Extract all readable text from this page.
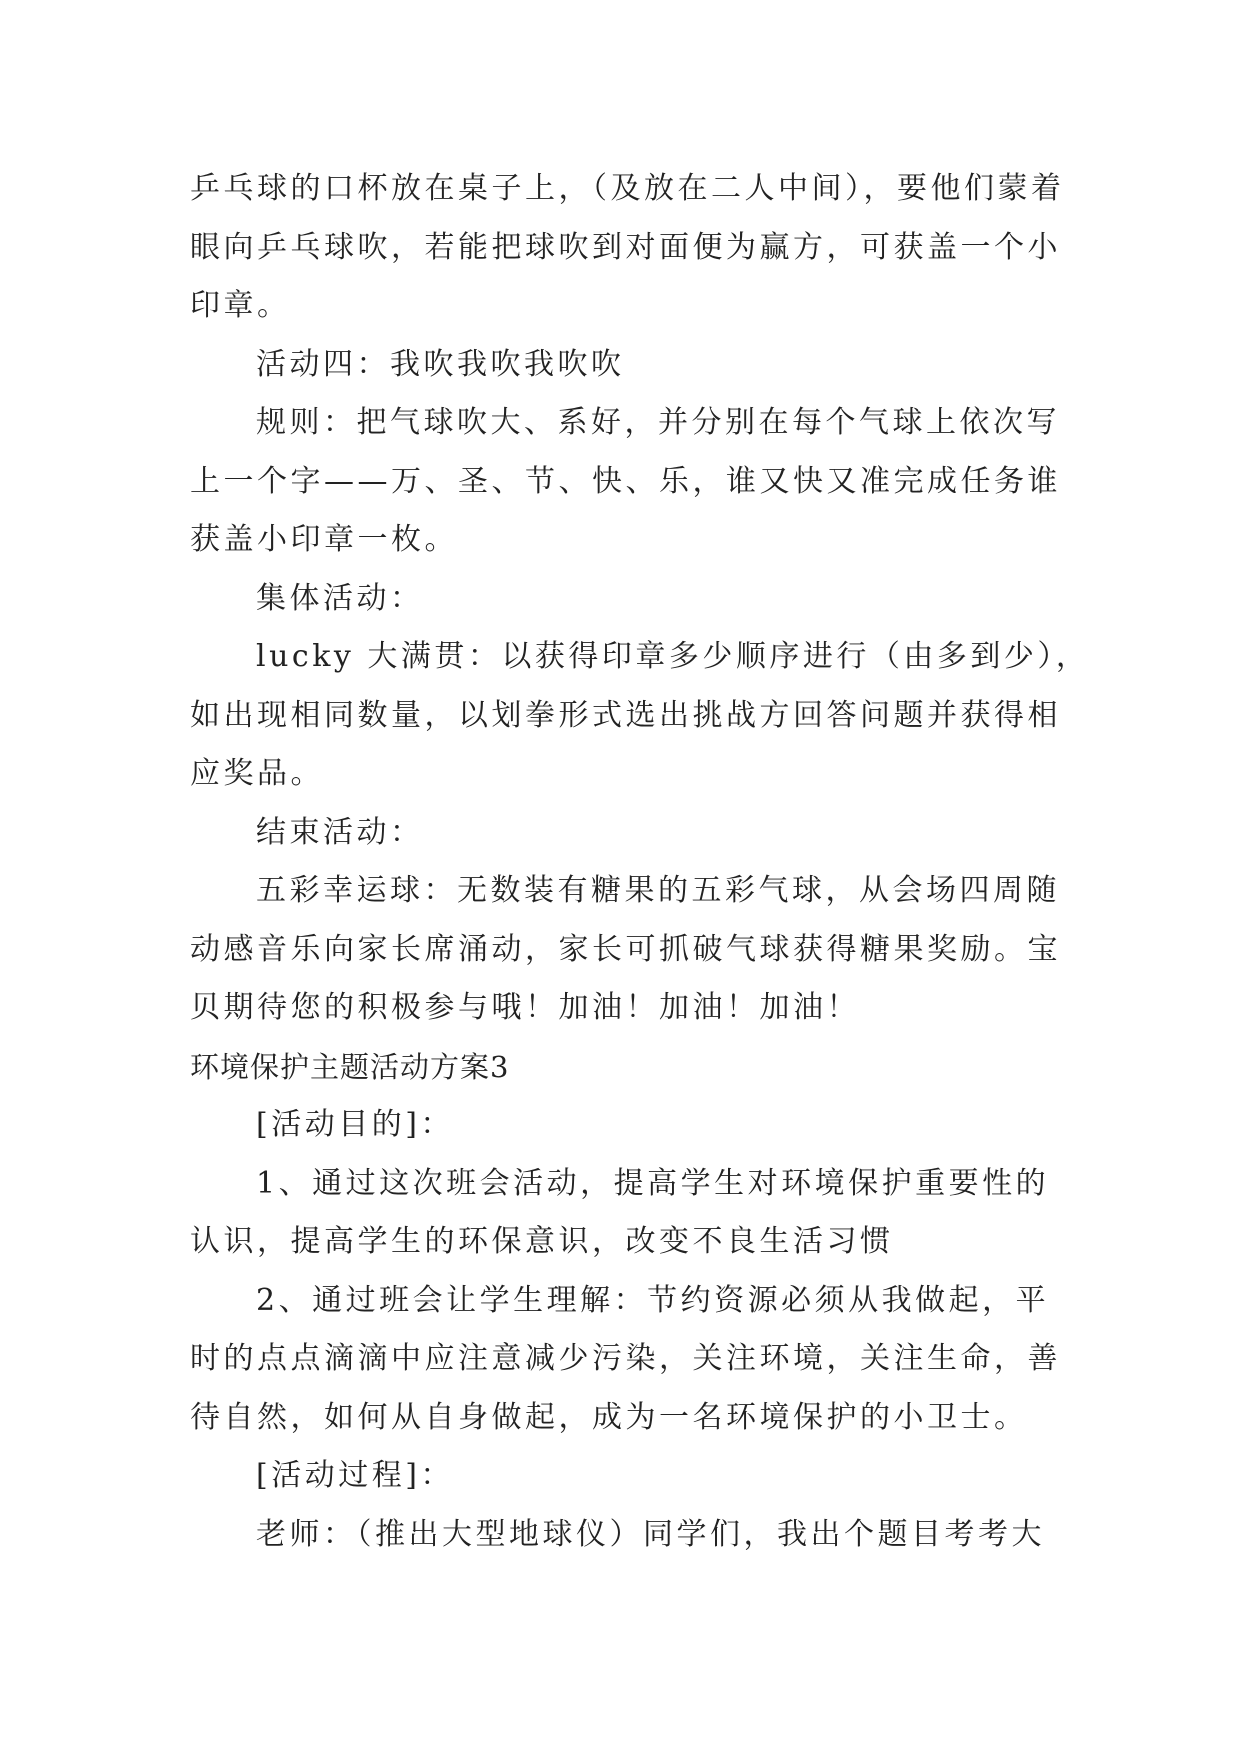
乒乓球的口杯放在桌子上，（及放在二人中间），要他们蒙着
眼向乒乓球吹，若能把球吹到对面便为赢方，可获盖一个小
印章。
活动四：我吹我吹我吹吹
规则：把气球吹大、系好，并分别在每个气球上依次写
上一个字——万、圣、节、快、乐，谁又快又准完成任务谁
获盖小印章一枚。
集体活动：
lucky 大满贯：以获得印章多少顺序进行（由多到少），
如出现相同数量，以划拳形式选出挑战方回答问题并获得相
应奖品。
结束活动：
五彩幸运球：无数装有糖果的五彩气球，从会场四周随
动感音乐向家长席涌动，家长可抓破气球获得糖果奖励。宝
贝期待您的积极参与哦！加油！加油！加油！
环境保护主题活动方案3
[活动目的]：
1、通过这次班会活动，提高学生对环境保护重要性的
认识，提高学生的环保意识，改变不良生活习惯
2、通过班会让学生理解：节约资源必须从我做起，平
时的点点滴滴中应注意减少污染，关注环境，关注生命，善
待自然，如何从自身做起，成为一名环境保护的小卫士。
[活动过程]：
老师：（推出大型地球仪）同学们，我出个题目考考大
